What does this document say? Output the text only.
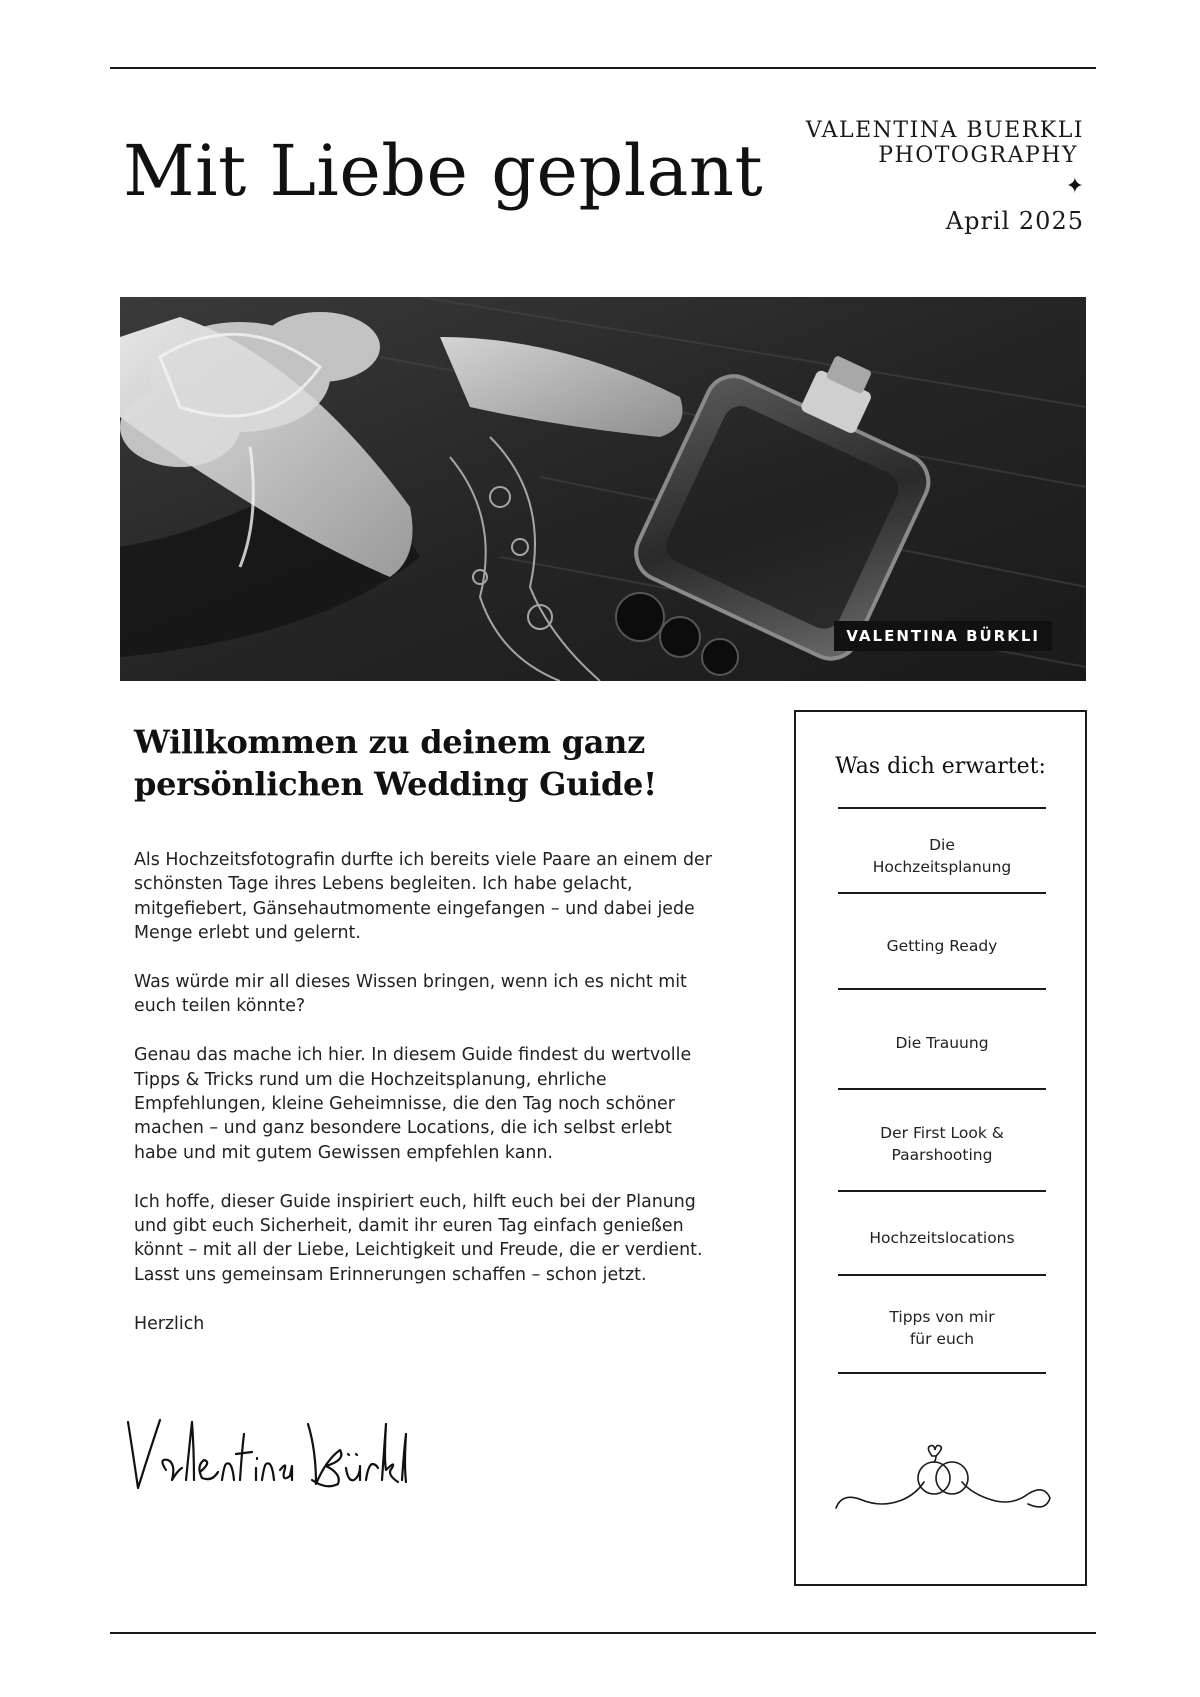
Mit Liebe geplant VALENTINA BUERKLI
PHOTOGRAPHY
✦
April 2025
VALENTINA BÜRKLI
Willkommen zu deinem ganz persönlichen Wedding Guide!

Als Hochzeitsfotografin durfte ich bereits viele Paare an einem der schönsten Tage ihres Lebens begleiten. Ich habe gelacht, mitgefiebert, Gänsehautmomente eingefangen – und dabei jede Menge erlebt und gelernt.

Was würde mir all dieses Wissen bringen, wenn ich es nicht mit euch teilen könnte?

Genau das mache ich hier. In diesem Guide findest du wertvolle Tipps & Tricks rund um die Hochzeitsplanung, ehrliche Empfehlungen, kleine Geheimnisse, die den Tag noch schöner machen – und ganz besondere Locations, die ich selbst erlebt habe und mit gutem Gewissen empfehlen kann.

Ich hoffe, dieser Guide inspiriert euch, hilft euch bei der Planung und gibt euch Sicherheit, damit ihr euren Tag einfach genießen könnt – mit all der Liebe, Leichtigkeit und Freude, die er verdient.
Lasst uns gemeinsam Erinnerungen schaffen – schon jetzt.

Herzlich

Was dich erwartet:
Die
Hochzeitsplanung
Getting Ready
Die Trauung
Der First Look &
Paarshooting
Hochzeitslocations
Tipps von mir
für euch
